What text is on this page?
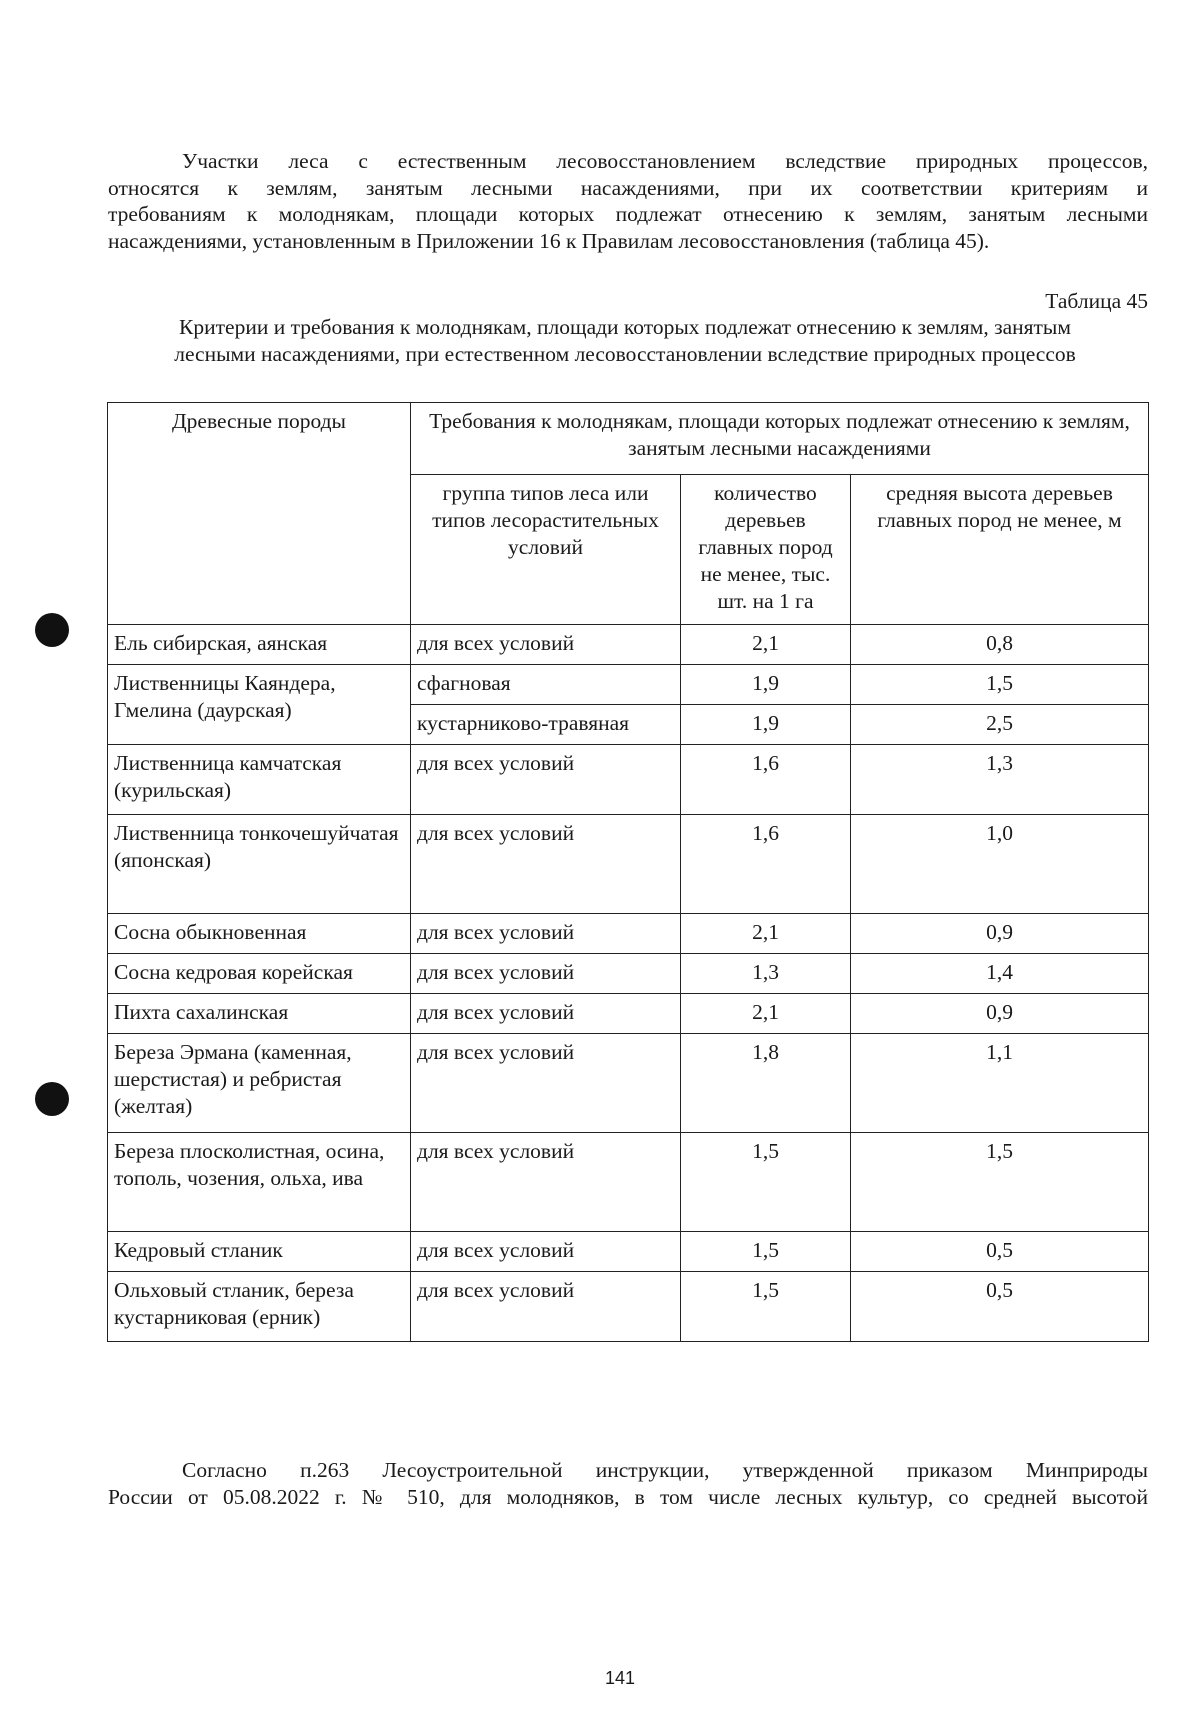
Участки леса с естественным лесовосстановлением вследствие природных процессов,
относятся к землям, занятым лесными насаждениями, при их соответствии критериям и
требованиям к молоднякам, площади которых подлежат отнесению к землям, занятым лесными
насаждениями, установленным в Приложении 16 к Правилам лесовосстановления (таблица 45).
Таблица 45
Критерии и требования к молоднякам, площади которых подлежат отнесению к землям, занятым
лесными насаждениями, при естественном лесовосстановлении вследствие природных процессов
Древесные породы	Требования к молоднякам, площади которых подлежат отнесению к землям, занятым лесными насаждениями		
	группа типов леса или типов лесорастительных условий	количество деревьев главных пород не менее, тыс. шт. на 1 га	средняя высота деревьев главных пород не менее, м
Ель сибирская, аянская	для всех условий	2,1	0,8
Лиственницы Каяндера, Гмелина (даурская)	сфагновая	1,9	1,5
	кустарниково-травяная	1,9	2,5
Лиственница камчатская (курильская)	для всех условий	1,6	1,3
Лиственница тонкочешуйчатая (японская)	для всех условий	1,6	1,0
Сосна обыкновенная	для всех условий	2,1	0,9
Сосна кедровая корейская	для всех условий	1,3	1,4
Пихта сахалинская	для всех условий	2,1	0,9
Береза Эрмана (каменная, шерстистая) и ребристая (желтая)	для всех условий	1,8	1,1
Береза плосколистная, осина, тополь, чозения, ольха, ива	для всех условий	1,5	1,5
Кедровый стланик	для всех условий	1,5	0,5
Ольховый стланик, береза кустарниковая (ерник)	для всех условий	1,5	0,5
Согласно п.263 Лесоустроительной инструкции, утвержденной приказом Минприроды
России от 05.08.2022 г. № 510, для молодняков, в том числе лесных культур, со средней высотой
141
